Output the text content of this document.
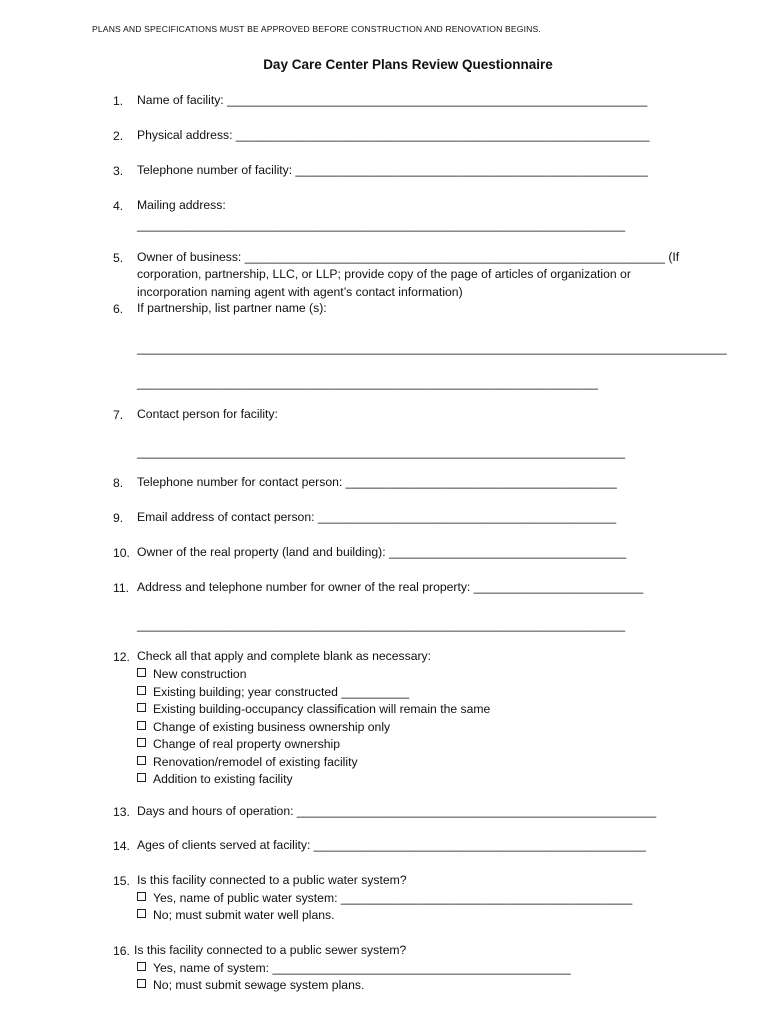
PLANS AND SPECIFICATIONS MUST BE APPROVED BEFORE CONSTRUCTION AND RENOVATION BEGINS.
Day Care Center Plans Review Questionnaire
1. Name of facility: ______________________________________________________________
2. Physical address: _____________________________________________________________
3. Telephone number of facility: ____________________________________________________
4. Mailing address:
________________________________________________________________________
5. Owner of business: ______________________________________________________________ (If
corporation, partnership, LLC, or LLP; provide copy of the page of articles of organization or
incorporation naming agent with agent’s contact information)
6. If partnership, list partner name (s):
_______________________________________________________________________________________
____________________________________________________________________
7. Contact person for facility:
________________________________________________________________________
8. Telephone number for contact person: ________________________________________
9. Email address of contact person: ____________________________________________
10. Owner of the real property (land and building): ___________________________________
11. Address and telephone number for owner of the real property: _________________________
________________________________________________________________________
12. Check all that apply and complete blank as necessary:
New construction
Existing building; year constructed __________
Existing building-occupancy classification will remain the same
Change of existing business ownership only
Change of real property ownership
Renovation/remodel of existing facility
Addition to existing facility
13. Days and hours of operation: _____________________________________________________
14. Ages of clients served at facility: _________________________________________________
15. Is this facility connected to a public water system?
Yes, name of public water system: ___________________________________________
No; must submit water well plans.
16. Is this facility connected to a public sewer system?
Yes, name of system: ____________________________________________
No; must submit sewage system plans.
